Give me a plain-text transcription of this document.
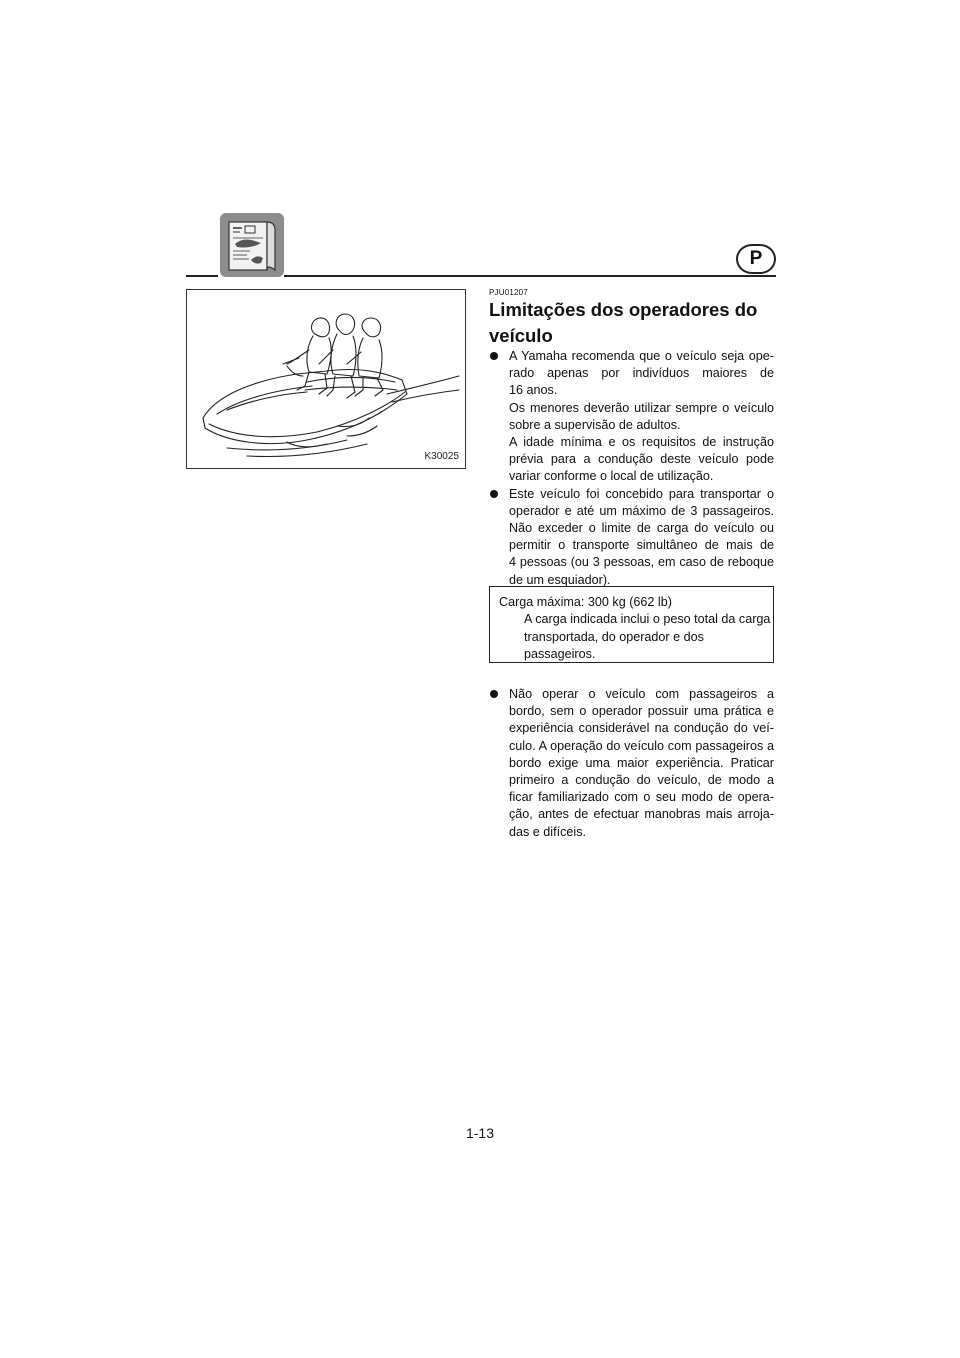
P
K30025
PJU01207
Limitações dos operadores do
veículo

A Yamaha recomenda que o veículo seja ope-
rado apenas por indivíduos maiores de
16 anos.
Os menores deverão utilizar sempre o veículo
sobre a supervisão de adultos.
A idade mínima e os requisitos de instrução
prévia para a condução deste veículo pode
variar conforme o local de utilização.

Este veículo foi concebido para transportar o
operador e até um máximo de 3 passageiros.
Não exceder o limite de carga do veículo ou
permitir o transporte simultâneo de mais de
4 pessoas (ou 3 pessoas, em caso de reboque
de um esquiador).

Carga máxima: 300 kg (662 lb)
A carga indicada inclui o peso total da carga
transportada, do operador e dos
passageiros.

Não operar o veículo com passageiros a
bordo, sem o operador possuir uma prática e
experiência considerável na condução do veí-
culo. A operação do veículo com passageiros a
bordo exige uma maior experiência. Praticar
primeiro a condução do veículo, de modo a
ficar familiarizado com o seu modo de opera-
ção, antes de efectuar manobras mais arroja-
das e difíceis.

1-13
